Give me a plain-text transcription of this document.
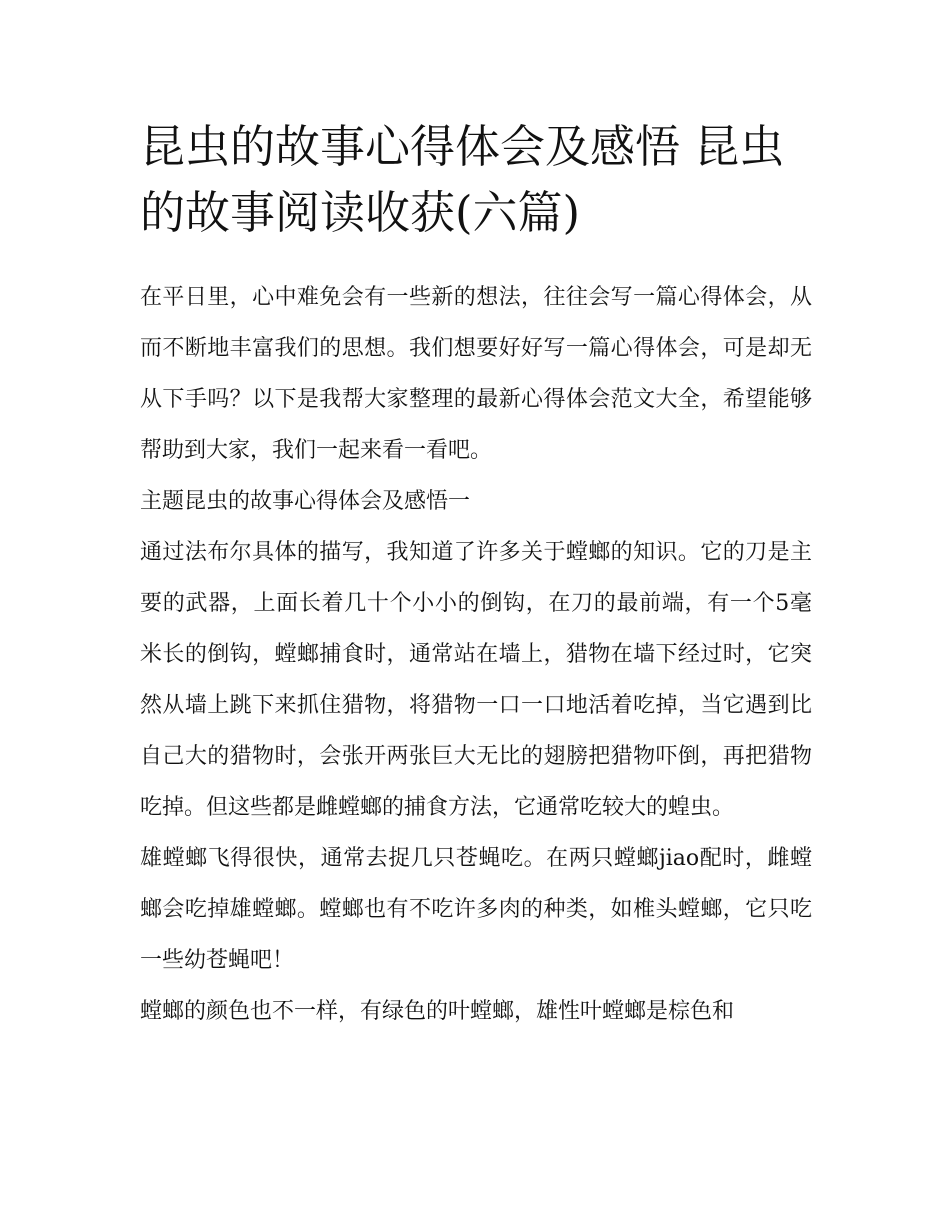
昆虫的故事心得体会及感悟 昆虫的故事阅读收获(六篇)

在平日里，心中难免会有一些新的想法，往往会写一篇心得体会，从而不断地丰富我们的思想。我们想要好好写一篇心得体会，可是却无从下手吗？以下是我帮大家整理的最新心得体会范文大全，希望能够帮助到大家，我们一起来看一看吧。

主题昆虫的故事心得体会及感悟一

通过法布尔具体的描写，我知道了许多关于螳螂的知识。它的刀是主要的武器，上面长着几十个小小的倒钩，在刀的最前端，有一个5毫米长的倒钩，螳螂捕食时，通常站在墙上，猎物在墙下经过时，它突然从墙上跳下来抓住猎物，将猎物一口一口地活着吃掉，当它遇到比自己大的猎物时，会张开两张巨大无比的翅膀把猎物吓倒，再把猎物吃掉。但这些都是雌螳螂的捕食方法，它通常吃较大的蝗虫。

雄螳螂飞得很快，通常去捉几只苍蝇吃。在两只螳螂jiao配时，雌螳螂会吃掉雄螳螂。螳螂也有不吃许多肉的种类，如椎头螳螂，它只吃一些幼苍蝇吧！

螳螂的颜色也不一样，有绿色的叶螳螂，雄性叶螳螂是棕色和
